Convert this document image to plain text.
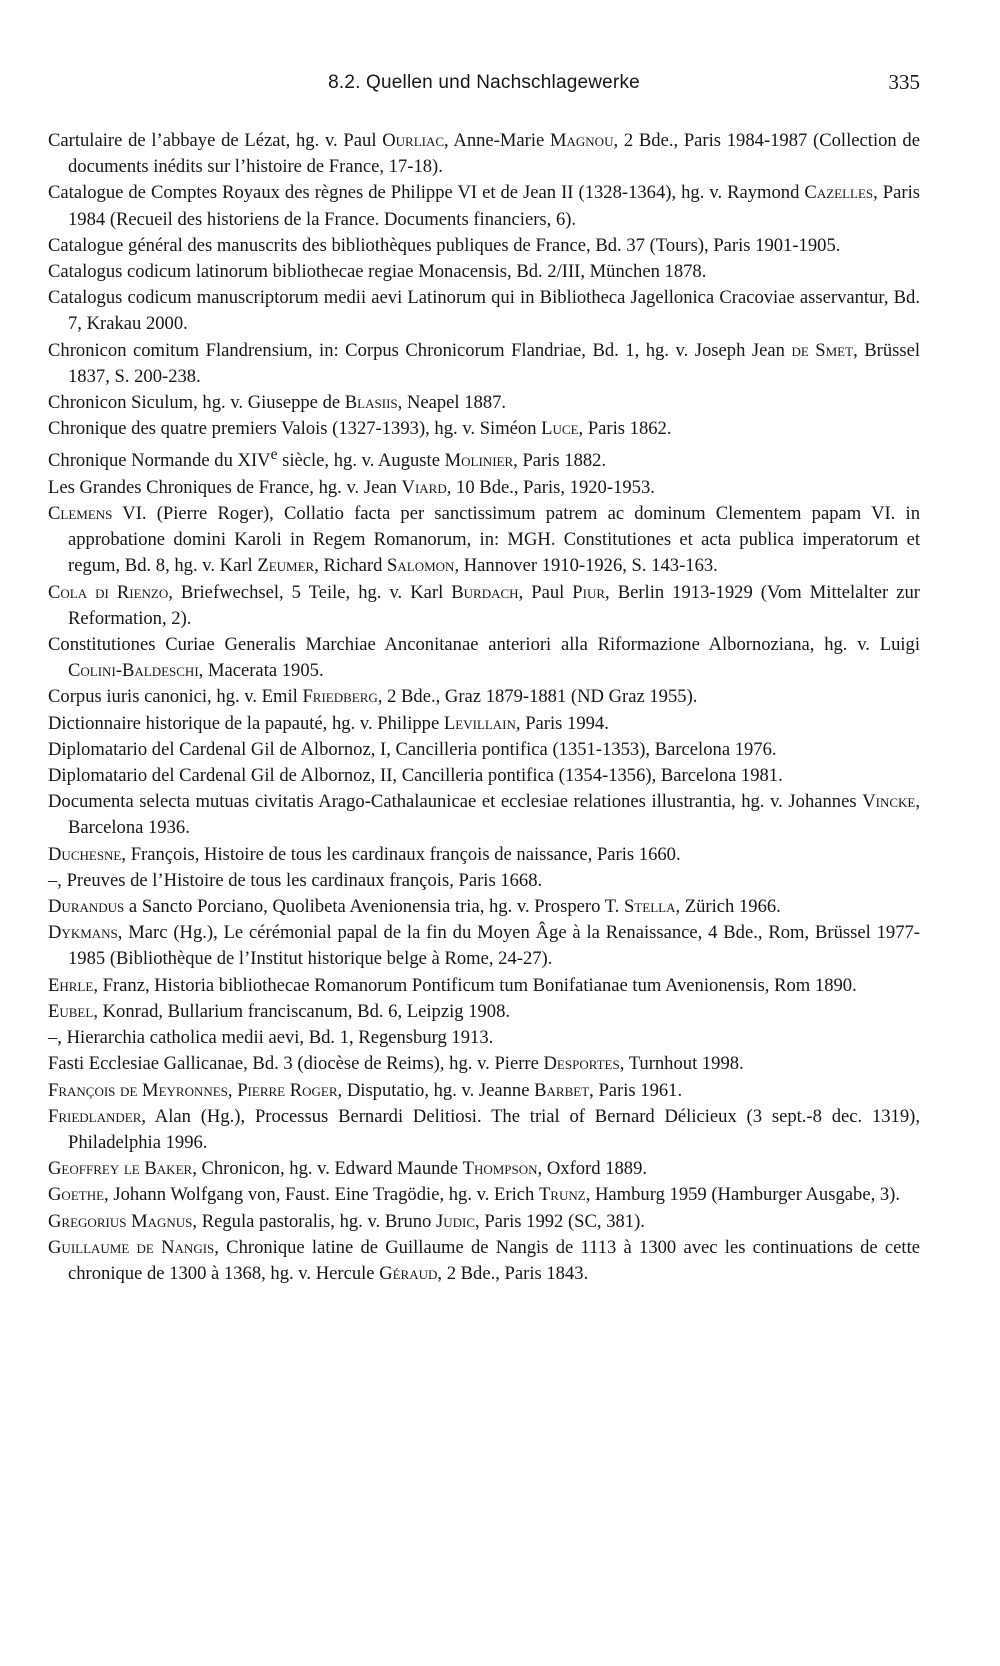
8.2. Quellen und Nachschlagewerke	335

Cartulaire de l’abbaye de Lézat, hg. v. Paul Ourliac, Anne-Marie Magnou, 2 Bde., Paris 1984-1987 (Collection de documents inédits sur l’histoire de France, 17-18).

Catalogue de Comptes Royaux des règnes de Philippe VI et de Jean II (1328-1364), hg. v. Raymond Cazelles, Paris 1984 (Recueil des historiens de la France. Documents financiers, 6).

Catalogue général des manuscrits des bibliothèques publiques de France, Bd. 37 (Tours), Paris 1901-1905.

Catalogus codicum latinorum bibliothecae regiae Monacensis, Bd. 2/III, München 1878.

Catalogus codicum manuscriptorum medii aevi Latinorum qui in Bibliotheca Jagellonica Cracoviae asservantur, Bd. 7, Krakau 2000.

Chronicon comitum Flandrensium, in: Corpus Chronicorum Flandriae, Bd. 1, hg. v. Joseph Jean de Smet, Brüssel 1837, S. 200-238.

Chronicon Siculum, hg. v. Giuseppe de Blasiis, Neapel 1887.

Chronique des quatre premiers Valois (1327-1393), hg. v. Siméon Luce, Paris 1862.

Chronique Normande du XIVe siècle, hg. v. Auguste Molinier, Paris 1882.

Les Grandes Chroniques de France, hg. v. Jean Viard, 10 Bde., Paris, 1920-1953.

Clemens VI. (Pierre Roger), Collatio facta per sanctissimum patrem ac dominum Clementem papam VI. in approbatione domini Karoli in Regem Romanorum, in: MGH. Constitutiones et acta publica imperatorum et regum, Bd. 8, hg. v. Karl Zeumer, Richard Salomon, Hannover 1910-1926, S. 143-163.

Cola di Rienzo, Briefwechsel, 5 Teile, hg. v. Karl Burdach, Paul Piur, Berlin 1913-1929 (Vom Mittelalter zur Reformation, 2).

Constitutiones Curiae Generalis Marchiae Anconitanae anteriori alla Riformazione Albornoziana, hg. v. Luigi Colini-Baldeschi, Macerata 1905.

Corpus iuris canonici, hg. v. Emil Friedberg, 2 Bde., Graz 1879-1881 (ND Graz 1955).

Dictionnaire historique de la papauté, hg. v. Philippe Levillain, Paris 1994.

Diplomatario del Cardenal Gil de Albornoz, I, Cancilleria pontifica (1351-1353), Barcelona 1976.

Diplomatario del Cardenal Gil de Albornoz, II, Cancilleria pontifica (1354-1356), Barcelona 1981.

Documenta selecta mutuas civitatis Arago-Cathalaunicae et ecclesiae relationes illustrantia, hg. v. Johannes Vincke, Barcelona 1936.

Duchesne, François, Histoire de tous les cardinaux françois de naissance, Paris 1660.

–, Preuves de l’Histoire de tous les cardinaux françois, Paris 1668.

Durandus a Sancto Porciano, Quolibeta Avenionensia tria, hg. v. Prospero T. Stella, Zürich 1966.

Dykmans, Marc (Hg.), Le cérémonial papal de la fin du Moyen Âge à la Renaissance, 4 Bde., Rom, Brüssel 1977-1985 (Bibliothèque de l’Institut historique belge à Rome, 24-27).

Ehrle, Franz, Historia bibliothecae Romanorum Pontificum tum Bonifatianae tum Avenionensis, Rom 1890.

Eubel, Konrad, Bullarium franciscanum, Bd. 6, Leipzig 1908.

–, Hierarchia catholica medii aevi, Bd. 1, Regensburg 1913.

Fasti Ecclesiae Gallicanae, Bd. 3 (diocèse de Reims), hg. v. Pierre Desportes, Turnhout 1998.

François de Meyronnes, Pierre Roger, Disputatio, hg. v. Jeanne Barbet, Paris 1961.

Friedlander, Alan (Hg.), Processus Bernardi Delitiosi. The trial of Bernard Délicieux (3 sept.-8 dec. 1319), Philadelphia 1996.

Geoffrey le Baker, Chronicon, hg. v. Edward Maunde Thompson, Oxford 1889.

Goethe, Johann Wolfgang von, Faust. Eine Tragödie, hg. v. Erich Trunz, Hamburg 1959 (Hamburger Ausgabe, 3).

Gregorius Magnus, Regula pastoralis, hg. v. Bruno Judic, Paris 1992 (SC, 381).

Guillaume de Nangis, Chronique latine de Guillaume de Nangis de 1113 à 1300 avec les continuations de cette chronique de 1300 à 1368, hg. v. Hercule Géraud, 2 Bde., Paris 1843.
